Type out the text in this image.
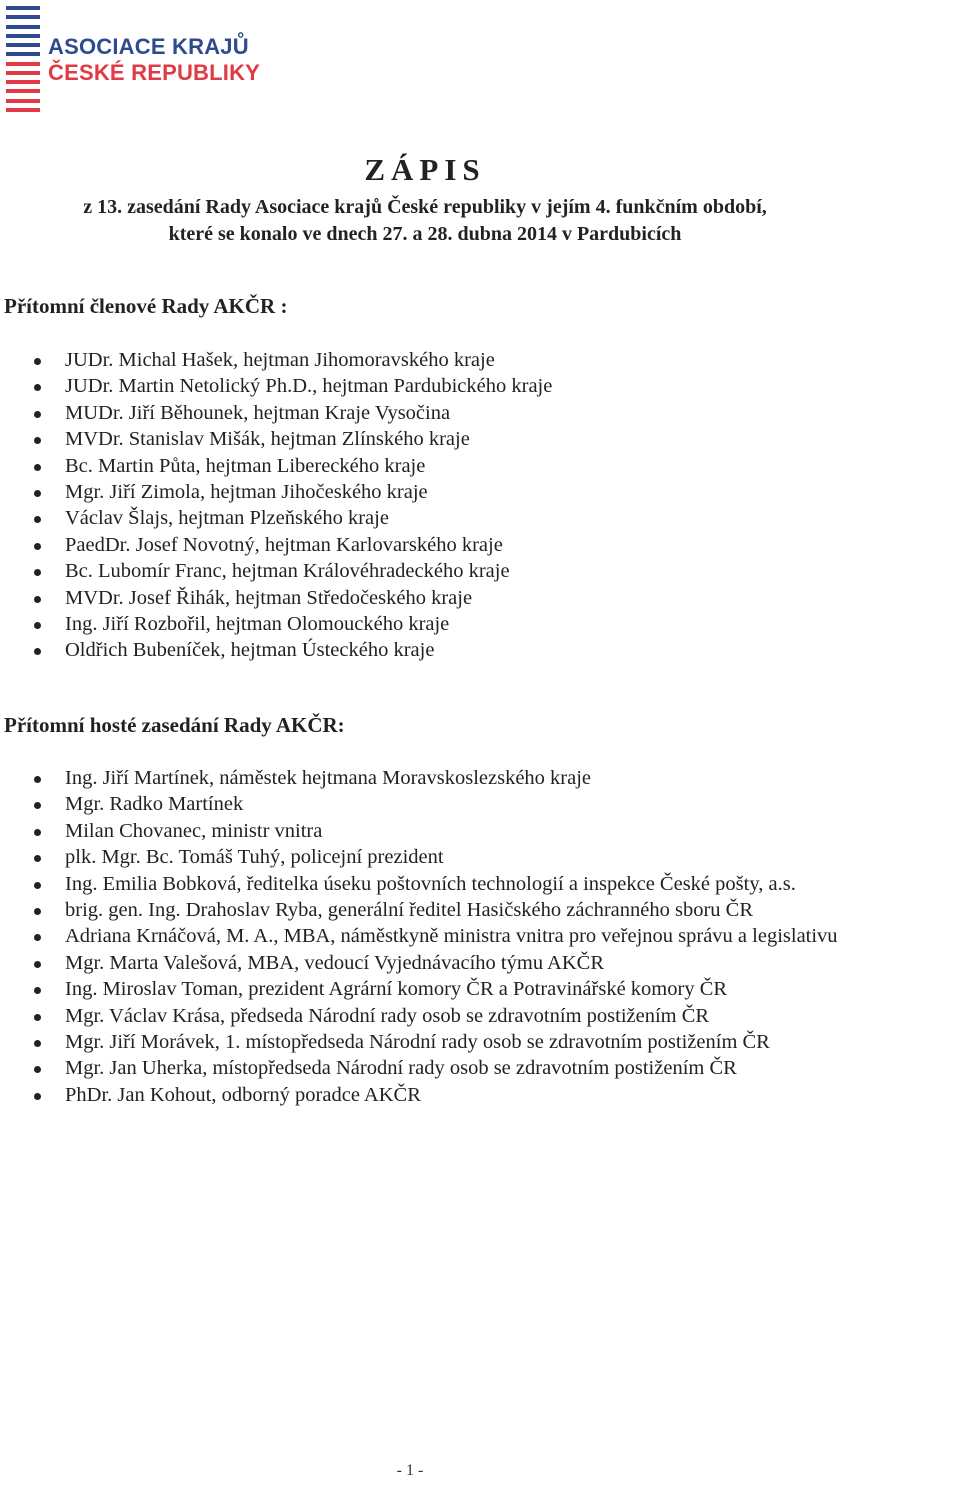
ASOCIACE KRAJŮ
ČESKÉ REPUBLIKY
ZÁPIS
z 13. zasedání Rady Asociace krajů České republiky v jejím 4. funkčním období,
které se konalo ve dnech 27. a 28. dubna 2014 v Pardubicích
Přítomní členové Rady AKČR :
JUDr. Michal Hašek, hejtman Jihomoravského kraje
JUDr. Martin Netolický Ph.D., hejtman Pardubického kraje
MUDr. Jiří Běhounek, hejtman Kraje Vysočina
MVDr. Stanislav Mišák, hejtman Zlínského kraje
Bc. Martin Půta, hejtman Libereckého kraje
Mgr. Jiří Zimola, hejtman Jihočeského kraje
Václav Šlajs, hejtman Plzeňského kraje
PaedDr. Josef Novotný, hejtman Karlovarského kraje
Bc. Lubomír Franc, hejtman Královéhradeckého kraje
MVDr. Josef Řihák, hejtman Středočeského kraje
Ing. Jiří Rozbořil, hejtman Olomouckého kraje
Oldřich Bubeníček, hejtman Ústeckého kraje
Přítomní hosté zasedání Rady AKČR:
Ing. Jiří Martínek, náměstek hejtmana Moravskoslezského kraje
Mgr. Radko Martínek
Milan Chovanec, ministr vnitra
plk. Mgr. Bc. Tomáš Tuhý, policejní prezident
Ing. Emilia Bobková, ředitelka úseku poštovních technologií a inspekce České pošty, a.s.
brig. gen. Ing. Drahoslav Ryba, generální ředitel Hasičského záchranného sboru ČR
Adriana Krnáčová, M. A., MBA, náměstkyně ministra vnitra pro veřejnou správu a legislativu
Mgr. Marta Valešová, MBA, vedoucí Vyjednávacího týmu AKČR
Ing. Miroslav Toman, prezident Agrární komory ČR a Potravinářské komory ČR
Mgr. Václav Krása, předseda Národní rady osob se zdravotním postižením ČR
Mgr. Jiří Morávek, 1. místopředseda Národní rady osob se zdravotním postižením ČR
Mgr. Jan Uherka, místopředseda Národní rady osob se zdravotním postižením ČR
PhDr. Jan Kohout, odborný poradce AKČR
- 1 -
